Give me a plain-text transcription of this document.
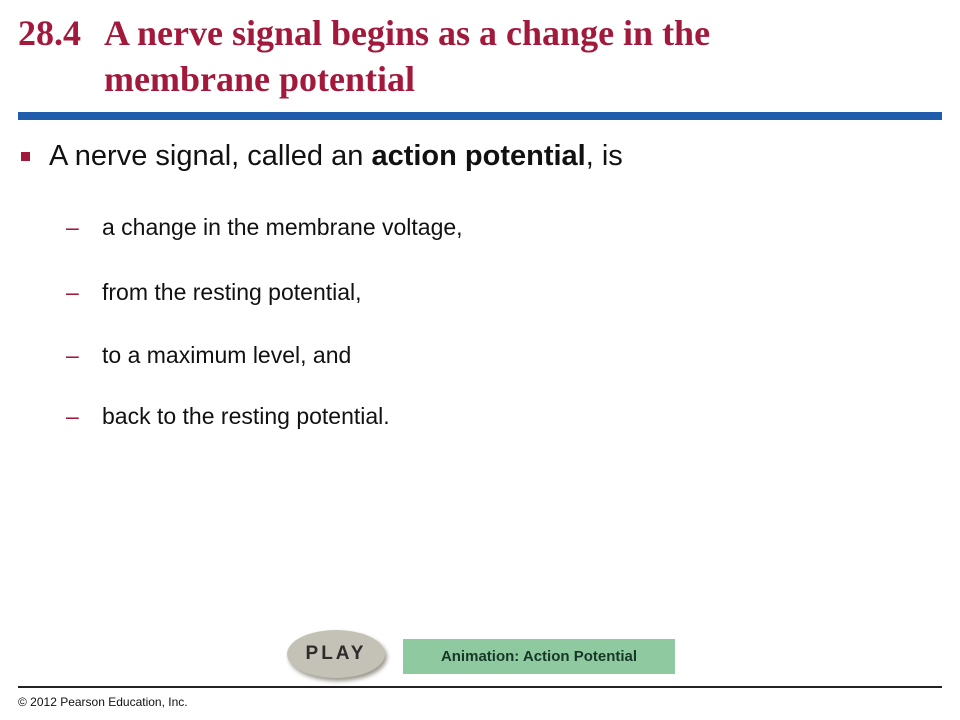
28.4 A nerve signal begins as a change in the
membrane potential
A nerve signal, called an action potential, is
–	a change in the membrane voltage,
–	from the resting potential,
–	to a maximum level, and
–	back to the resting potential.
PLAY	Animation: Action Potential
© 2012 Pearson Education, Inc.
